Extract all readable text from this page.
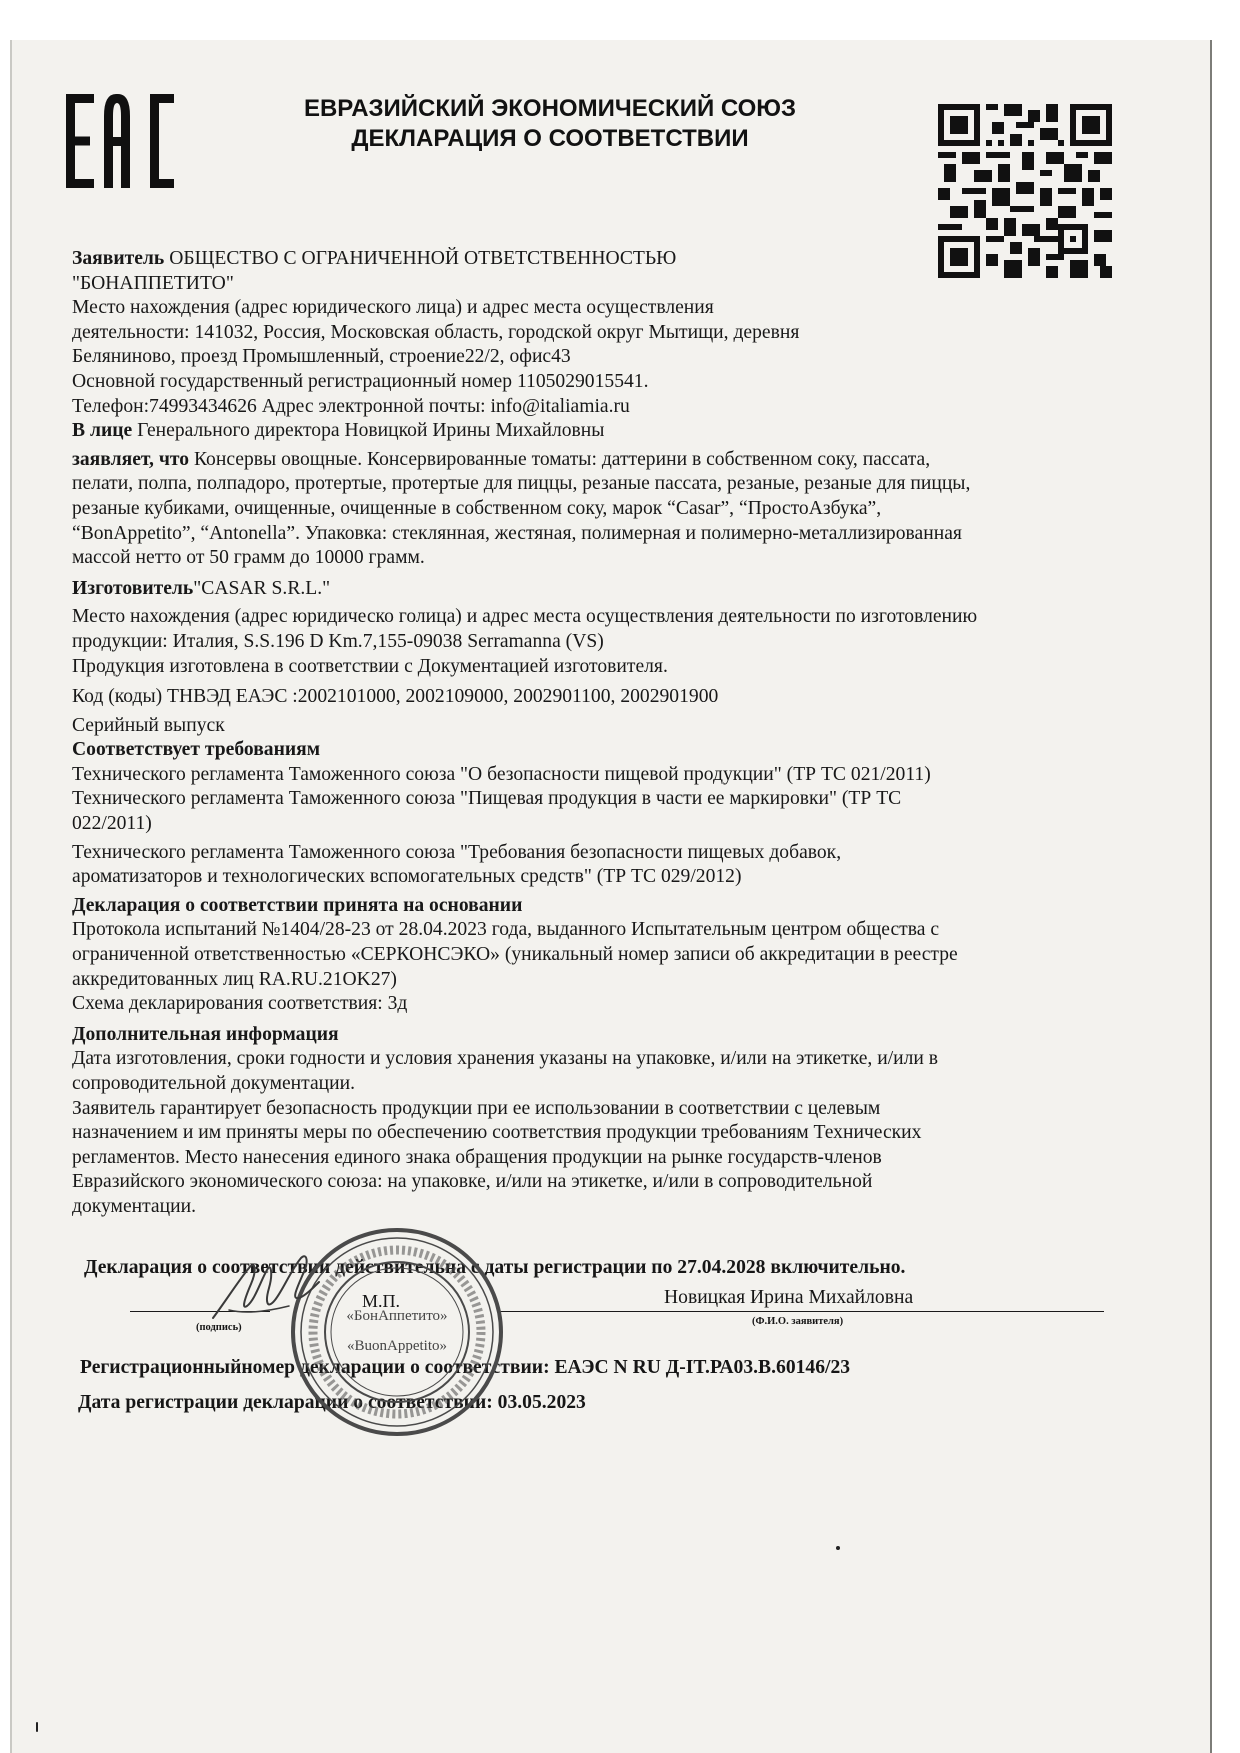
ЕВРАЗИЙСКИЙ ЭКОНОМИЧЕСКИЙ СОЮЗ
ДЕКЛАРАЦИЯ О СООТВЕТСТВИИ

Заявитель ОБЩЕСТВО С ОГРАНИЧЕННОЙ ОТВЕТСТВЕННОСТЬЮ

"БОНАППЕТИТО"

Место нахождения (адрес юридического лица) и адрес места осуществления

деятельности: 141032, Россия, Московская область, городской округ Мытищи, деревня

Беляниново, проезд Промышленный, строение22/2, офис43

Основной государственный регистрационный номер 1105029015541.

Телефон:74993434626 Адрес электронной почты: info@italiamia.ru

В лице Генерального директора Новицкой Ирины Михайловны

заявляет, что Консервы овощные. Консервированные томаты: даттерини в собственном соку, пассата,

пелати, полпа, полпадоро, протертые, протертые для пиццы, резаные пассата, резаные, резаные для пиццы,

резаные кубиками, очищенные, очищенные в собственном соку, марок “Casar”, “ПростоАзбука”,

“BonAppetito”, “Antonella”. Упаковка: стеклянная, жестяная, полимерная и полимерно-металлизированная

массой нетто от 50 грамм до 10000 грамм.

Изготовитель"CASAR S.R.L."

Место нахождения (адрес юридическо голица) и адрес места осуществления деятельности по изготовлению

продукции: Италия, S.S.196 D Km.7,155-09038 Serramanna (VS)

Продукция изготовлена в соответствии с Документацией изготовителя.

Код (коды) ТНВЭД ЕАЭС :2002101000, 2002109000, 2002901100, 2002901900

Серийный выпуск

Соответствует требованиям

Технического регламента Таможенного союза "О безопасности пищевой продукции" (ТР ТС 021/2011)

Технического регламента Таможенного союза "Пищевая продукция в части ее маркировки" (ТР ТС

022/2011)

Технического регламента Таможенного союза "Требования безопасности пищевых добавок,

ароматизаторов и технологических вспомогательных средств" (ТР ТС 029/2012)

Декларация о соответствии принята на основании

Протокола испытаний №1404/28-23 от 28.04.2023 года, выданного Испытательным центром общества с

ограниченной ответственностью «СЕРКОНСЭКО» (уникальный номер записи об аккредитации в реестре

аккредитованных лиц RA.RU.21OK27)

Схема декларирования соответствия: 3д

Дополнительная информация

Дата изготовления, сроки годности и условия хранения указаны на упаковке, и/или на этикетке, и/или в

сопроводительной документации.

Заявитель гарантирует безопасность продукции при ее использовании в соответствии с целевым

назначением и им приняты меры по обеспечению соответствия продукции требованиям Технических

регламентов. Место нанесения единого знака обращения продукции на рынке государств-членов

Евразийского экономического союза: на упаковке, и/или на этикетке, и/или в сопроводительной

документации.

Декларация о соответствии действительна с даты регистрации по 27.04.2028 включительно.
(подпись)
(Ф.И.О. заявителя)
Новицкая Ирина Михайловна
Регистрационныйномер декларации о соответствии: ЕАЭС N RU Д-IT.РА03.В.60146/23
Дата регистрации декларации о соответствии: 03.05.2023
«БонАппетито»
«BuonAppetito»
М.П.
